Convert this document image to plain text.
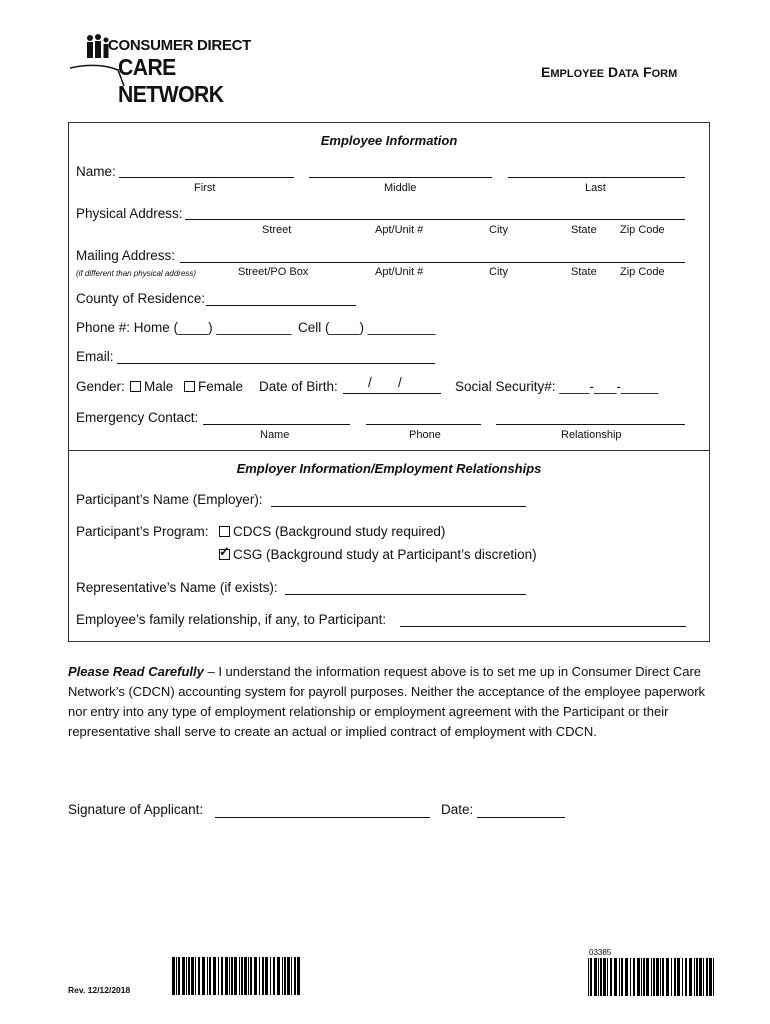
CONSUMER DIRECT
CARE NETWORK
EMPLOYEE DATA FORM
Employee Information
Name:
First	Middle	Last
Physical Address:
Street	Apt/Unit #	City	State Zip Code
Mailing Address:
(if different than physical address)	Street/PO Box	Apt/Unit #	City	State Zip Code
County of Residence:
Phone #: Home (____) __________ Cell (____) _________
Email:
Gender:	Male	Female Date of Birth: /       /	Social Security#: ____-___-_____
Emergency Contact:
Name	Phone	Relationship
Employer Information/Employment Relationships
Participant’s Name (Employer):
Participant’s Program:	CDCS (Background study required)
✓CSG (Background study at Participant’s discretion)
Representative’s Name (if exists):
Employee’s family relationship, if any, to Participant:
Please Read Carefully – I understand the information request above is to set me up in Consumer Direct Care Network’s (CDCN) accounting system for payroll purposes. Neither the acceptance of the employee paperwork nor entry into any type of employment relationship or employment agreement with the Participant or their representative shall serve to create an actual or implied contract of employment with CDCN.
Signature of Applicant:	Date:
Rev. 12/12/2018
03385
